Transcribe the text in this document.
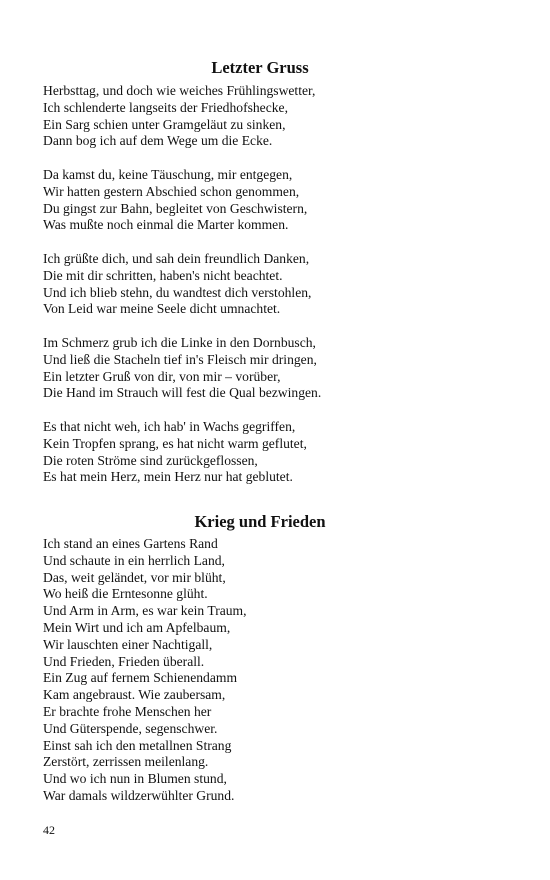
Letzter Gruss
Herbsttag, und doch wie weiches Frühlingswetter,
Ich schlenderte langseits der Friedhofshecke,
Ein Sarg schien unter Gramgeläut zu sinken,
Dann bog ich auf dem Wege um die Ecke.
Da kamst du, keine Täuschung, mir entgegen,
Wir hatten gestern Abschied schon genommen,
Du gingst zur Bahn, begleitet von Geschwistern,
Was mußte noch einmal die Marter kommen.
Ich grüßte dich, und sah dein freundlich Danken,
Die mit dir schritten, haben's nicht beachtet.
Und ich blieb stehn, du wandtest dich verstohlen,
Von Leid war meine Seele dicht umnachtet.
Im Schmerz grub ich die Linke in den Dornbusch,
Und ließ die Stacheln tief in's Fleisch mir dringen,
Ein letzter Gruß von dir, von mir – vorüber,
Die Hand im Strauch will fest die Qual bezwingen.
Es that nicht weh, ich hab' in Wachs gegriffen,
Kein Tropfen sprang, es hat nicht warm geflutet,
Die roten Ströme sind zurückgeflossen,
Es hat mein Herz, mein Herz nur hat geblutet.
Krieg und Frieden
Ich stand an eines Gartens Rand
Und schaute in ein herrlich Land,
Das, weit geländet, vor mir blüht,
Wo heiß die Erntesonne glüht.
Und Arm in Arm, es war kein Traum,
Mein Wirt und ich am Apfelbaum,
Wir lauschten einer Nachtigall,
Und Frieden, Frieden überall.
Ein Zug auf fernem Schienendamm
Kam angebraust. Wie zaubersam,
Er brachte frohe Menschen her
Und Güterspende, segenschwer.
Einst sah ich den metallnen Strang
Zerstört, zerrissen meilenlang.
Und wo ich nun in Blumen stund,
War damals wildzerwühlter Grund.
42
